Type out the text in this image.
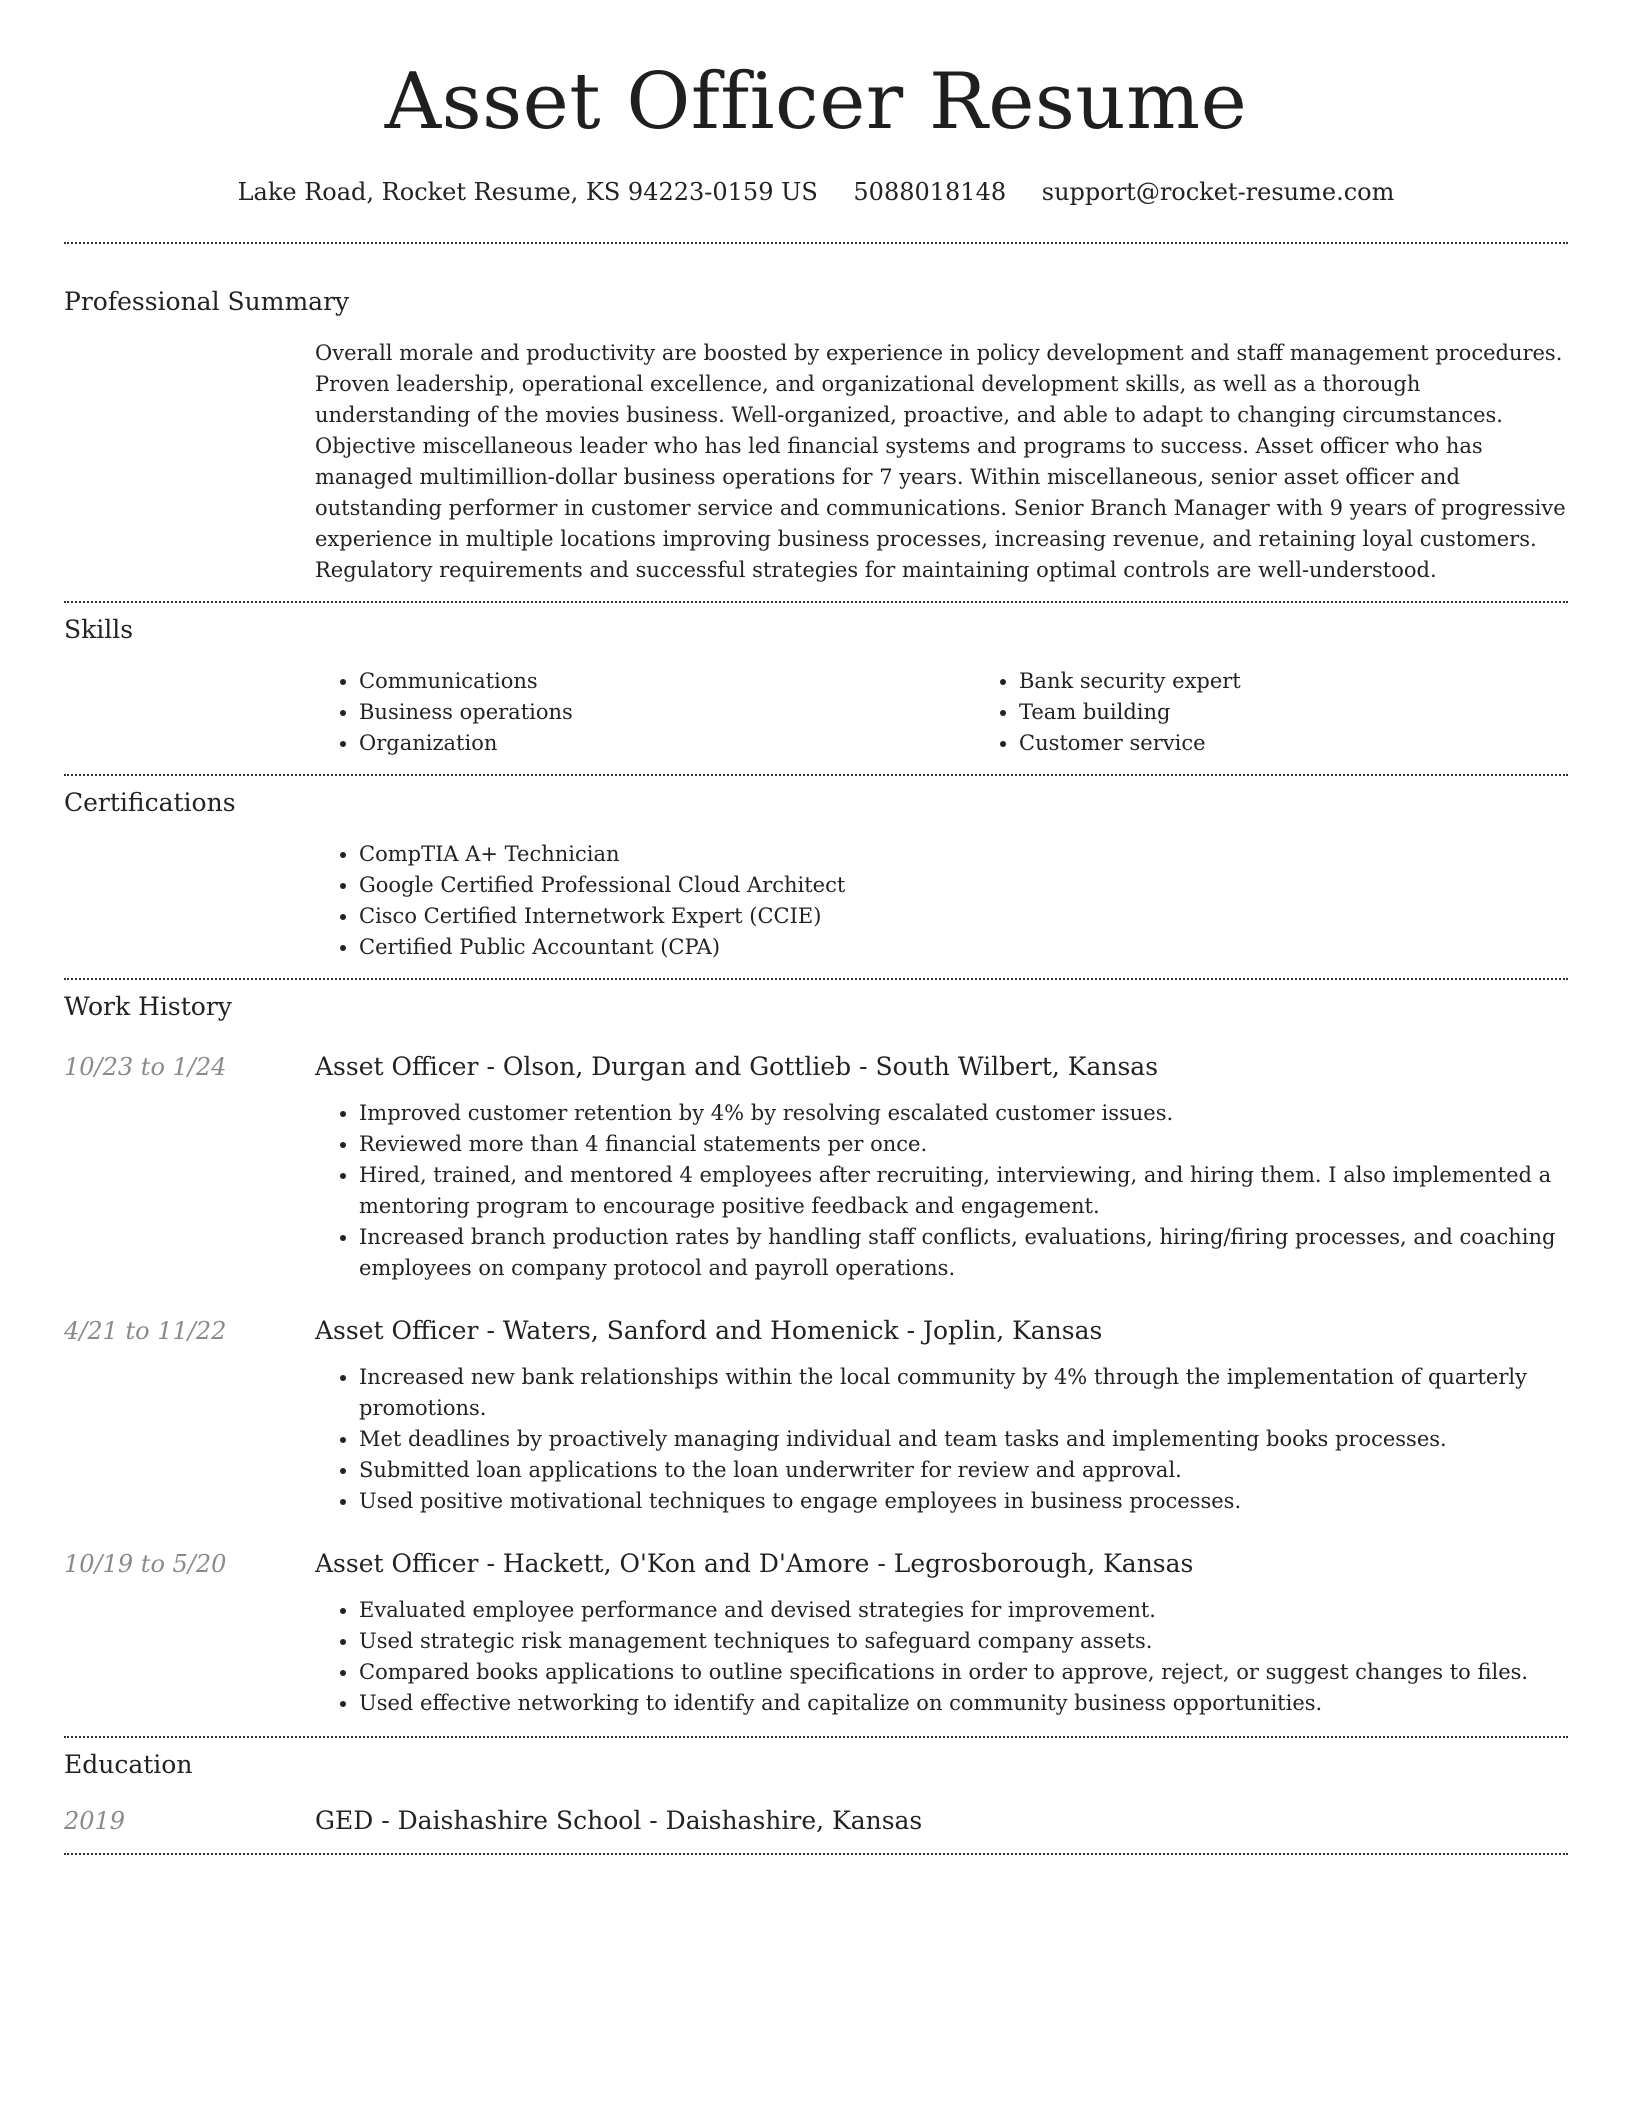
Asset Officer Resume
Lake Road, Rocket Resume, KS 94223-0159 US 5088018148 support@rocket-resume.com
Professional Summary

Overall morale and productivity are boosted by experience in policy development and staff management procedures. Proven leadership, operational excellence, and organizational development skills, as well as a thorough understanding of the movies business. Well-organized, proactive, and able to adapt to changing circumstances. Objective miscellaneous leader who has led financial systems and programs to success. Asset officer who has managed multimillion-dollar business operations for 7 years. Within miscellaneous, senior asset officer and outstanding performer in customer service and communications. Senior Branch Manager with 9 years of progressive experience in multiple locations improving business processes, increasing revenue, and retaining loyal customers. Regulatory requirements and successful strategies for maintaining optimal controls are well-understood.

Skills
• Communications
• Business operations
• Organization
• Bank security expert
• Team building
• Customer service
Certifications
• CompTIA A+ Technician
• Google Certified Professional Cloud Architect
• Cisco Certified Internetwork Expert (CCIE)
• Certified Public Accountant (CPA)
Work History
10/23 to 1/24	Asset Officer - Olson, Durgan and Gottlieb - South Wilbert, Kansas
• Improved customer retention by 4% by resolving escalated customer issues.
• Reviewed more than 4 financial statements per once.
• Hired, trained, and mentored 4 employees after recruiting, interviewing, and hiring them. I also implemented a mentoring program to encourage positive feedback and engagement.
• Increased branch production rates by handling staff conflicts, evaluations, hiring/firing processes, and coaching employees on company protocol and payroll operations.
4/21 to 11/22	Asset Officer - Waters, Sanford and Homenick - Joplin, Kansas
• Increased new bank relationships within the local community by 4% through the implementation of quarterly promotions.
• Met deadlines by proactively managing individual and team tasks and implementing books processes.
• Submitted loan applications to the loan underwriter for review and approval.
• Used positive motivational techniques to engage employees in business processes.
10/19 to 5/20	Asset Officer - Hackett, O'Kon and D'Amore - Legrosborough, Kansas
• Evaluated employee performance and devised strategies for improvement.
• Used strategic risk management techniques to safeguard company assets.
• Compared books applications to outline specifications in order to approve, reject, or suggest changes to files.
• Used effective networking to identify and capitalize on community business opportunities.
Education
2019	GED - Daishashire School - Daishashire, Kansas
